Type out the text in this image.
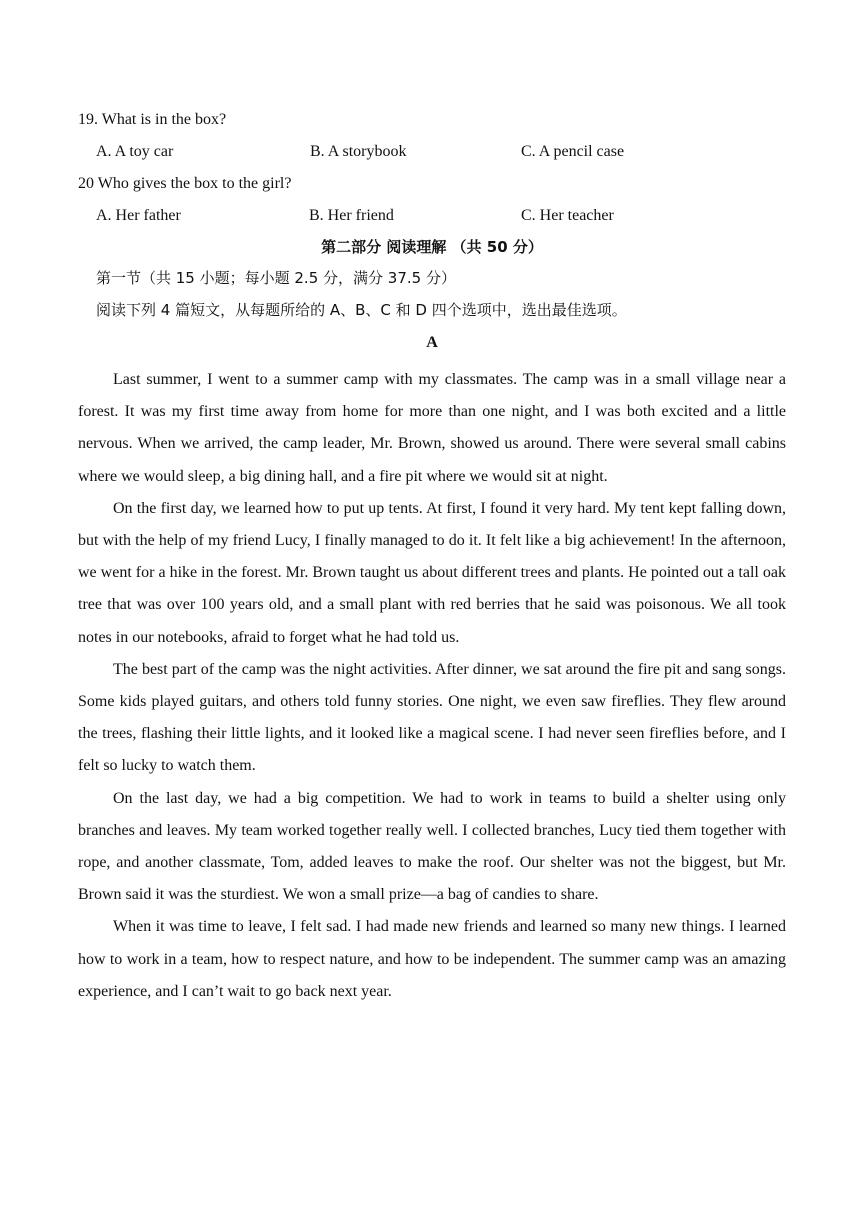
19. What is in the box?
A. A toy car	B. A storybook	C. A pencil case
20 Who gives the box to the girl?
A. Her father	B. Her friend	C. Her teacher
第二部分 阅读理解 （共 50 分）
第一节（共 15 小题；每小题 2.5 分，满分 37.5 分）
阅读下列 4 篇短文，从每题所给的 A、B、C 和 D 四个选项中，选出最佳选项。
A

Last summer, I went to a summer camp with my classmates. The camp was in a small village near a forest. It was my first time away from home for more than one night, and I was both excited and a little nervous. When we arrived, the camp leader, Mr. Brown, showed us around. There were several small cabins where we would sleep, a big dining hall, and a fire pit where we would sit at night.

On the first day, we learned how to put up tents. At first, I found it very hard. My tent kept falling down, but with the help of my friend Lucy, I finally managed to do it. It felt like a big achievement! In the afternoon, we went for a hike in the forest. Mr. Brown taught us about different trees and plants. He pointed out a tall oak tree that was over 100 years old, and a small plant with red berries that he said was poisonous. We all took notes in our notebooks, afraid to forget what he had told us.

The best part of the camp was the night activities. After dinner, we sat around the fire pit and sang songs. Some kids played guitars, and others told funny stories. One night, we even saw fireflies. They flew around the trees, flashing their little lights, and it looked like a magical scene. I had never seen fireflies before, and I felt so lucky to watch them.

On the last day, we had a big competition. We had to work in teams to build a shelter using only branches and leaves. My team worked together really well. I collected branches, Lucy tied them together with rope, and another classmate, Tom, added leaves to make the roof. Our shelter was not the biggest, but Mr. Brown said it was the sturdiest. We won a small prize—a bag of candies to share.

When it was time to leave, I felt sad. I had made new friends and learned so many new things. I learned how to work in a team, how to respect nature, and how to be independent. The summer camp was an amazing experience, and I can’t wait to go back next year.
